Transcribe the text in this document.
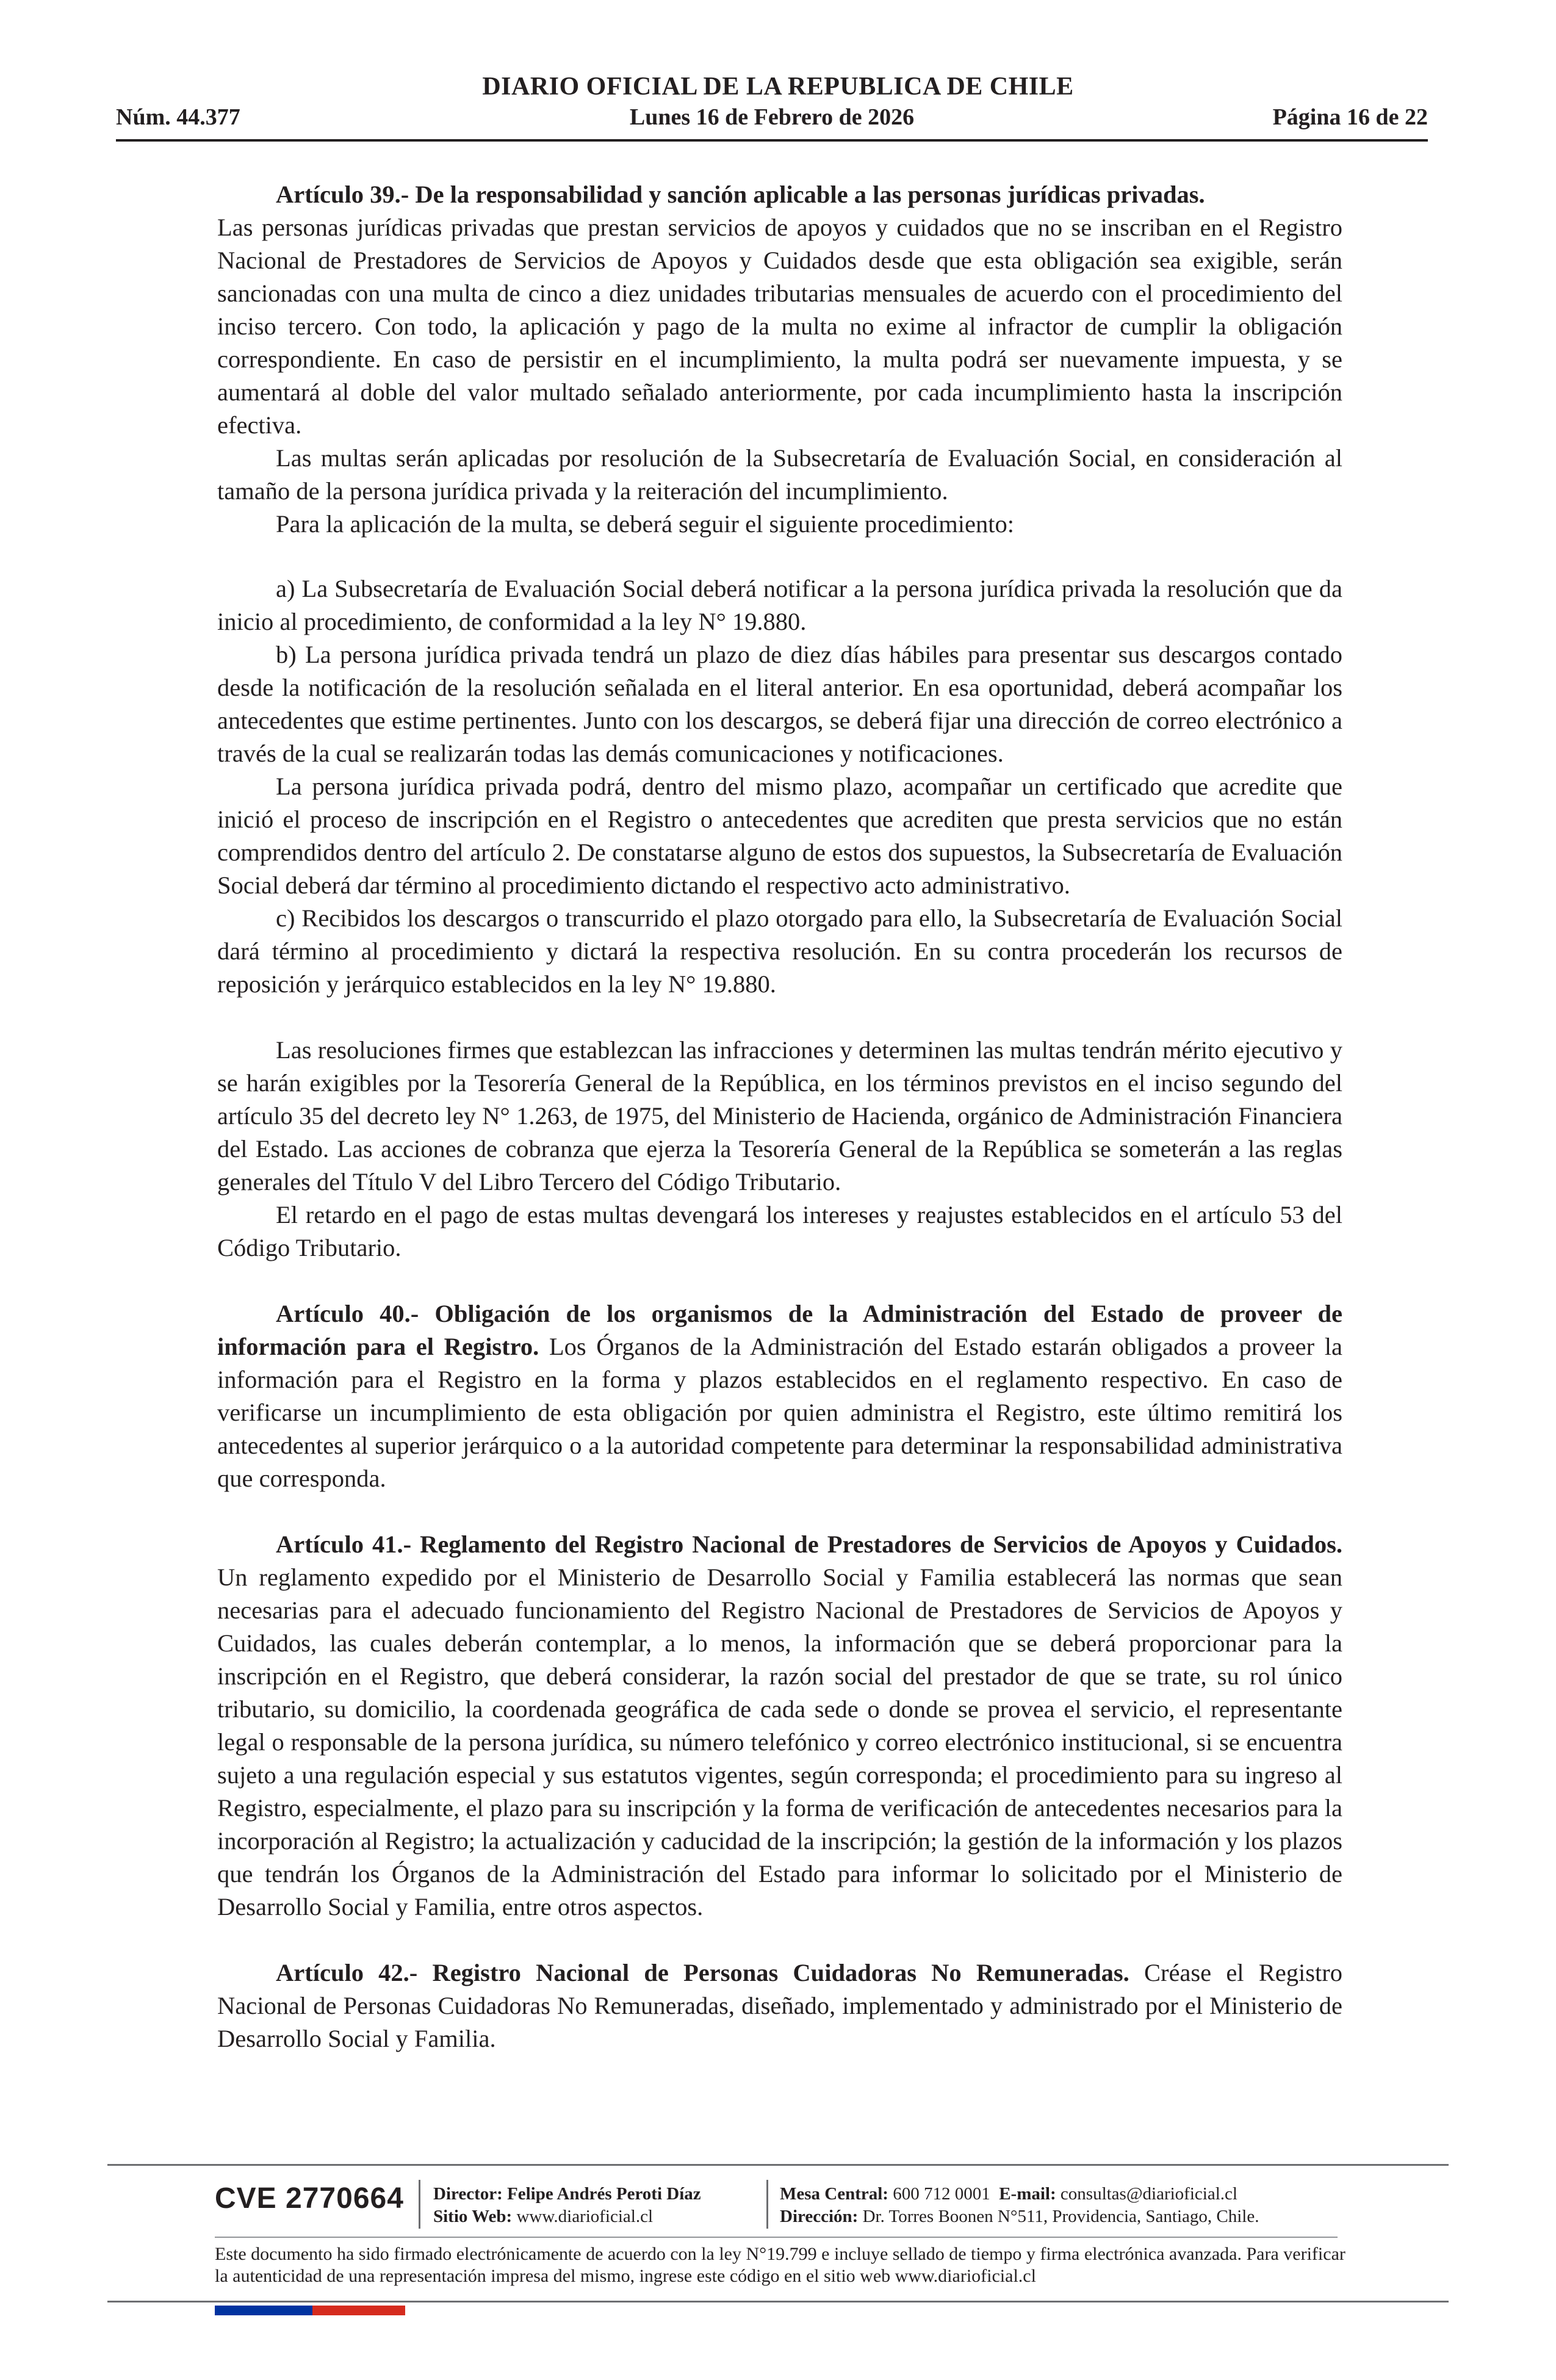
DIARIO OFICIAL DE LA REPUBLICA DE CHILE
Lunes 16 de Febrero de 2026
Núm. 44.377	Página 16 de 22

Artículo 39.- De la responsabilidad y sanción aplicable a las personas jurídicas privadas.

Las personas jurídicas privadas que prestan servicios de apoyos y cuidados que no se inscriban en el Registro Nacional de Prestadores de Servicios de Apoyos y Cuidados desde que esta obligación sea exigible, serán sancionadas con una multa de cinco a diez unidades tributarias mensuales de acuerdo con el procedimiento del inciso tercero. Con todo, la aplicación y pago de la multa no exime al infractor de cumplir la obligación correspondiente. En caso de persistir en el incumplimiento, la multa podrá ser nuevamente impuesta, y se aumentará al doble del valor multado señalado anteriormente, por cada incumplimiento hasta la inscripción efectiva.

Las multas serán aplicadas por resolución de la Subsecretaría de Evaluación Social, en consideración al tamaño de la persona jurídica privada y la reiteración del incumplimiento.

Para la aplicación de la multa, se deberá seguir el siguiente procedimiento:

a) La Subsecretaría de Evaluación Social deberá notificar a la persona jurídica privada la resolución que da inicio al procedimiento, de conformidad a la ley N° 19.880.

b) La persona jurídica privada tendrá un plazo de diez días hábiles para presentar sus descargos contado desde la notificación de la resolución señalada en el literal anterior. En esa oportunidad, deberá acompañar los antecedentes que estime pertinentes. Junto con los descargos, se deberá fijar una dirección de correo electrónico a través de la cual se realizarán todas las demás comunicaciones y notificaciones.

La persona jurídica privada podrá, dentro del mismo plazo, acompañar un certificado que acredite que inició el proceso de inscripción en el Registro o antecedentes que acrediten que presta servicios que no están comprendidos dentro del artículo 2. De constatarse alguno de estos dos supuestos, la Subsecretaría de Evaluación Social deberá dar término al procedimiento dictando el respectivo acto administrativo.

c) Recibidos los descargos o transcurrido el plazo otorgado para ello, la Subsecretaría de Evaluación Social dará término al procedimiento y dictará la respectiva resolución. En su contra procederán los recursos de reposición y jerárquico establecidos en la ley N° 19.880.

Las resoluciones firmes que establezcan las infracciones y determinen las multas tendrán mérito ejecutivo y se harán exigibles por la Tesorería General de la República, en los términos previstos en el inciso segundo del artículo 35 del decreto ley N° 1.263, de 1975, del Ministerio de Hacienda, orgánico de Administración Financiera del Estado. Las acciones de cobranza que ejerza la Tesorería General de la República se someterán a las reglas generales del Título V del Libro Tercero del Código Tributario.

El retardo en el pago de estas multas devengará los intereses y reajustes establecidos en el artículo 53 del Código Tributario.

Artículo 40.- Obligación de los organismos de la Administración del Estado de proveer de información para el Registro. Los Órganos de la Administración del Estado estarán obligados a proveer la información para el Registro en la forma y plazos establecidos en el reglamento respectivo. En caso de verificarse un incumplimiento de esta obligación por quien administra el Registro, este último remitirá los antecedentes al superior jerárquico o a la autoridad competente para determinar la responsabilidad administrativa que corresponda.

Artículo 41.- Reglamento del Registro Nacional de Prestadores de Servicios de Apoyos y Cuidados. Un reglamento expedido por el Ministerio de Desarrollo Social y Familia establecerá las normas que sean necesarias para el adecuado funcionamiento del Registro Nacional de Prestadores de Servicios de Apoyos y Cuidados, las cuales deberán contemplar, a lo menos, la información que se deberá proporcionar para la inscripción en el Registro, que deberá considerar, la razón social del prestador de que se trate, su rol único tributario, su domicilio, la coordenada geográfica de cada sede o donde se provea el servicio, el representante legal o responsable de la persona jurídica, su número telefónico y correo electrónico institucional, si se encuentra sujeto a una regulación especial y sus estatutos vigentes, según corresponda; el procedimiento para su ingreso al Registro, especialmente, el plazo para su inscripción y la forma de verificación de antecedentes necesarios para la incorporación al Registro; la actualización y caducidad de la inscripción; la gestión de la información y los plazos que tendrán los Órganos de la Administración del Estado para informar lo solicitado por el Ministerio de Desarrollo Social y Familia, entre otros aspectos.

Artículo 42.- Registro Nacional de Personas Cuidadoras No Remuneradas. Créase el Registro Nacional de Personas Cuidadoras No Remuneradas, diseñado, implementado y administrado por el Ministerio de Desarrollo Social y Familia.

CVE 2770664 Director: Felipe Andrés Peroti Díaz
Sitio Web: www.diarioficial.cl
Mesa Central: 600 712 0001 E-mail: consultas@diarioficial.cl
Dirección: Dr. Torres Boonen N°511, Providencia, Santiago, Chile.
Este documento ha sido firmado electrónicamente de acuerdo con la ley N°19.799 e incluye sellado de tiempo y firma electrónica avanzada. Para verificar la autenticidad de una representación impresa del mismo, ingrese este código en el sitio web www.diarioficial.cl
